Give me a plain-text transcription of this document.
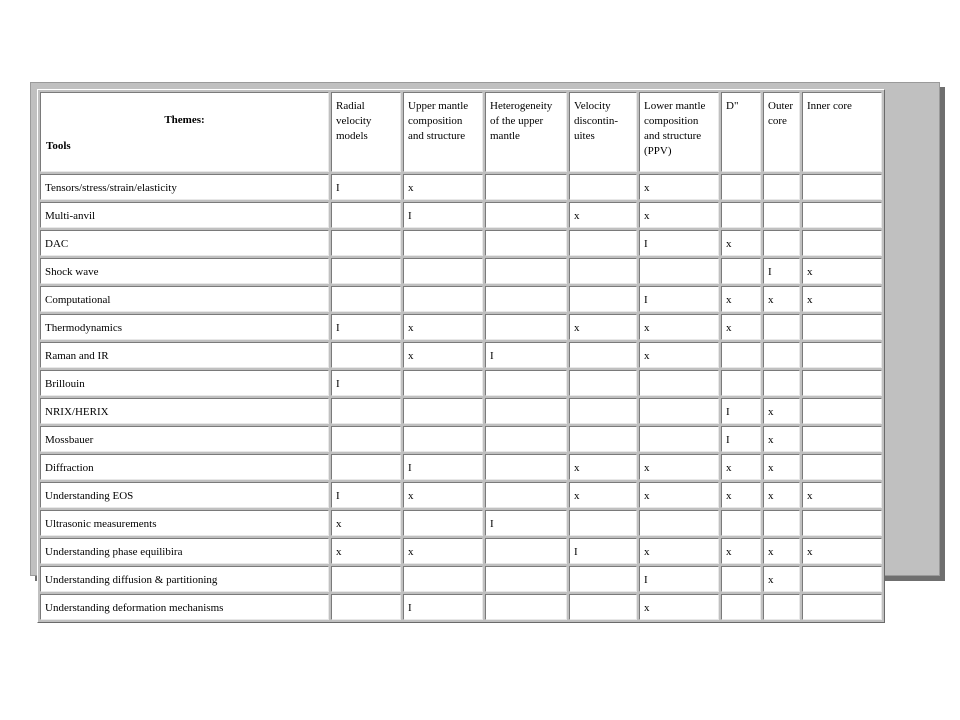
Themes:
Tools	Radial velocity models	Upper mantle composition and structure	Heterogeneity of the upper mantle	Velocity discontin-uites	Lower mantle composition and structure (PPV)	D"	Outer core	Inner core
Tensors/stress/strain/elasticity	I	x			x			
Multi-anvil		I		x	x			
DAC					I	x		
Shock wave							I	x
Computational					I	x	x	x
Thermodynamics	I	x		x	x	x		
Raman and IR		x	I		x			
Brillouin	I							
NRIX/HERIX						I	x	
Mossbauer						I	x	
Diffraction		I		x	x	x	x	
Understanding EOS	I	x		x	x	x	x	x
Ultrasonic measurements	x		I					
Understanding phase equilibira	x	x		I	x	x	x	x
Understanding diffusion & partitioning					I		x	
Understanding deformation mechanisms		I			x			
